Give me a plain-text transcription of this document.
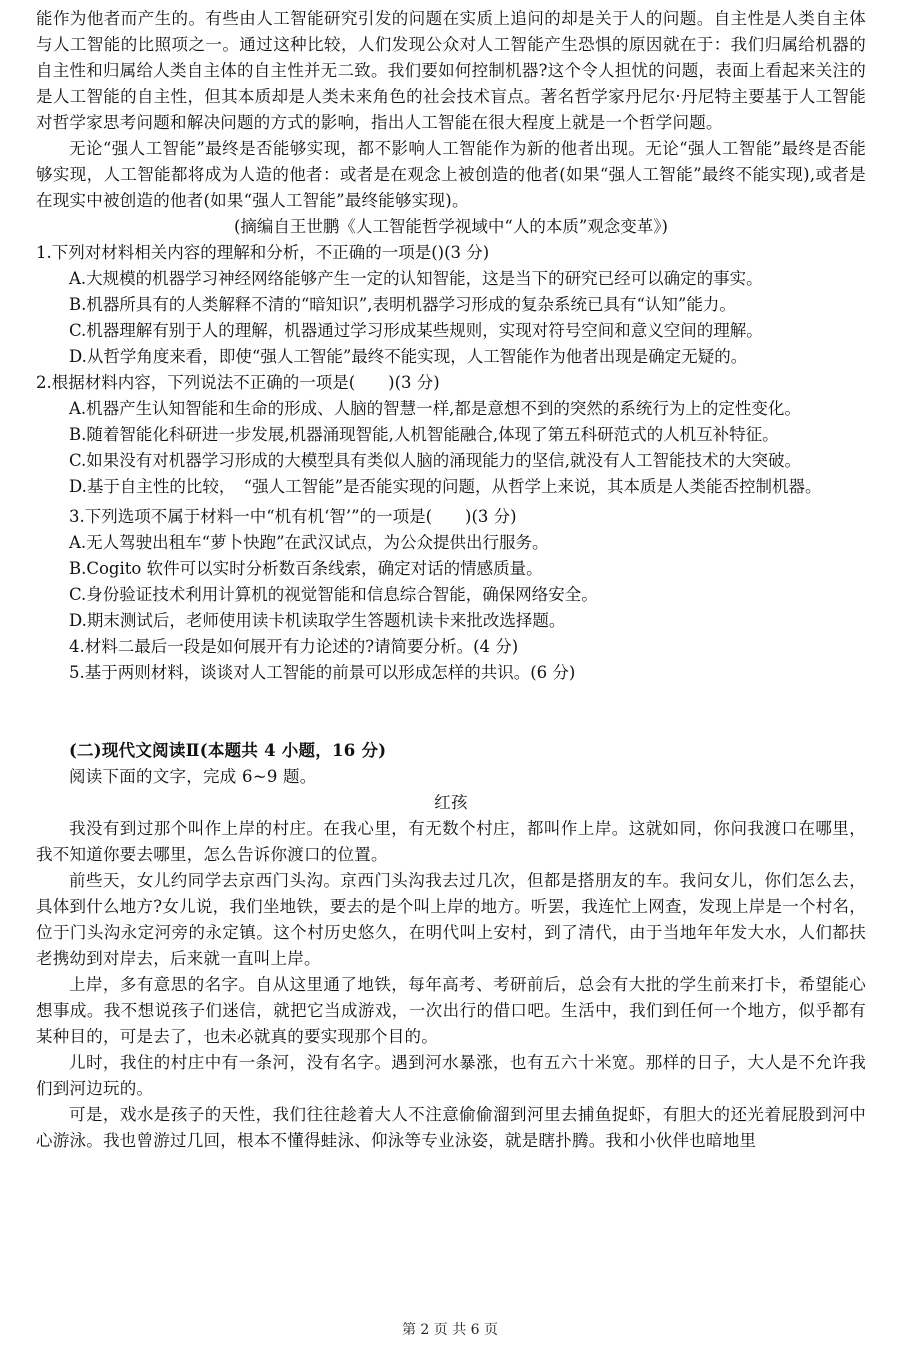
能作为他者而产生的。有些由人工智能研究引发的问题在实质上追问的却是关于人的问题。自主性是人类自主体与人工智能的比照项之一。通过这种比较，人们发现公众对人工智能产生恐惧的原因就在于：我们归属给机器的自主性和归属给人类自主体的自主性并无二致。我们要如何控制机器?这个令人担忧的问题，表面上看起来关注的是人工智能的自主性，但其本质却是人类未来角色的社会技术盲点。著名哲学家丹尼尔·丹尼特主要基于人工智能对哲学家思考问题和解决问题的方式的影响，指出人工智能在很大程度上就是一个哲学问题。

无论“强人工智能”最终是否能够实现，都不影响人工智能作为新的他者出现。无论“强人工智能”最终是否能够实现，人工智能都将成为人造的他者：或者是在观念上被创造的他者(如果“强人工智能”最终不能实现),或者是在现实中被创造的他者(如果“强人工智能”最终能够实现)。

(摘编自王世鹏《人工智能哲学视域中“人的本质”观念变革》)

1.下列对材料相关内容的理解和分析，不正确的一项是()(3 分)

A.大规模的机器学习神经网络能够产生一定的认知智能，这是当下的研究已经可以确定的事实。

B.机器所具有的人类解释不清的“暗知识”,表明机器学习形成的复杂系统已具有“认知”能力。

C.机器理解有别于人的理解，机器通过学习形成某些规则，实现对符号空间和意义空间的理解。

D.从哲学角度来看，即使“强人工智能”最终不能实现，人工智能作为他者出现是确定无疑的。

2.根据材料内容，下列说法不正确的一项是(　　)(3 分)

A.机器产生认知智能和生命的形成、人脑的智慧一样,都是意想不到的突然的系统行为上的定性变化。

B.随着智能化科研进一步发展,机器涌现智能,人机智能融合,体现了第五科研范式的人机互补特征。

C.如果没有对机器学习形成的大模型具有类似人脑的涌现能力的坚信,就没有人工智能技术的大突破。

D.基于自主性的比较，　“强人工智能”是否能实现的问题，从哲学上来说，其本质是人类能否控制机器。

3.下列选项不属于材料一中“机有机‘智’”的一项是(　　)(3 分)

A.无人驾驶出租车“萝卜快跑”在武汉试点，为公众提供出行服务。

B.Cogito 软件可以实时分析数百条线索，确定对话的情感质量。

C.身份验证技术利用计算机的视觉智能和信息综合智能，确保网络安全。

D.期末测试后，老师使用读卡机读取学生答题机读卡来批改选择题。

4.材料二最后一段是如何展开有力论述的?请简要分析。(4 分)

5.基于两则材料，谈谈对人工智能的前景可以形成怎样的共识。(6 分)

(二)现代文阅读Ⅱ(本题共 4 小题，16 分)

阅读下面的文字，完成 6~9 题。

红孩

我没有到过那个叫作上岸的村庄。在我心里，有无数个村庄，都叫作上岸。这就如同，你问我渡口在哪里，我不知道你要去哪里，怎么告诉你渡口的位置。

前些天，女儿约同学去京西门头沟。京西门头沟我去过几次，但都是搭朋友的车。我问女儿，你们怎么去，具体到什么地方?女儿说，我们坐地铁，要去的是个叫上岸的地方。听罢，我连忙上网查，发现上岸是一个村名，位于门头沟永定河旁的永定镇。这个村历史悠久，在明代叫上安村，到了清代，由于当地年年发大水，人们都扶老携幼到对岸去，后来就一直叫上岸。

上岸，多有意思的名字。自从这里通了地铁，每年高考、考研前后，总会有大批的学生前来打卡，希望能心想事成。我不想说孩子们迷信，就把它当成游戏，一次出行的借口吧。生活中，我们到任何一个地方，似乎都有某种目的，可是去了，也未必就真的要实现那个目的。

儿时，我住的村庄中有一条河，没有名字。遇到河水暴涨，也有五六十米宽。那样的日子，大人是不允许我们到河边玩的。

可是，戏水是孩子的天性，我们往往趁着大人不注意偷偷溜到河里去捕鱼捉虾，有胆大的还光着屁股到河中心游泳。我也曾游过几回，根本不懂得蛙泳、仰泳等专业泳姿，就是瞎扑腾。我和小伙伴也暗地里

第 2 页 共 6 页
